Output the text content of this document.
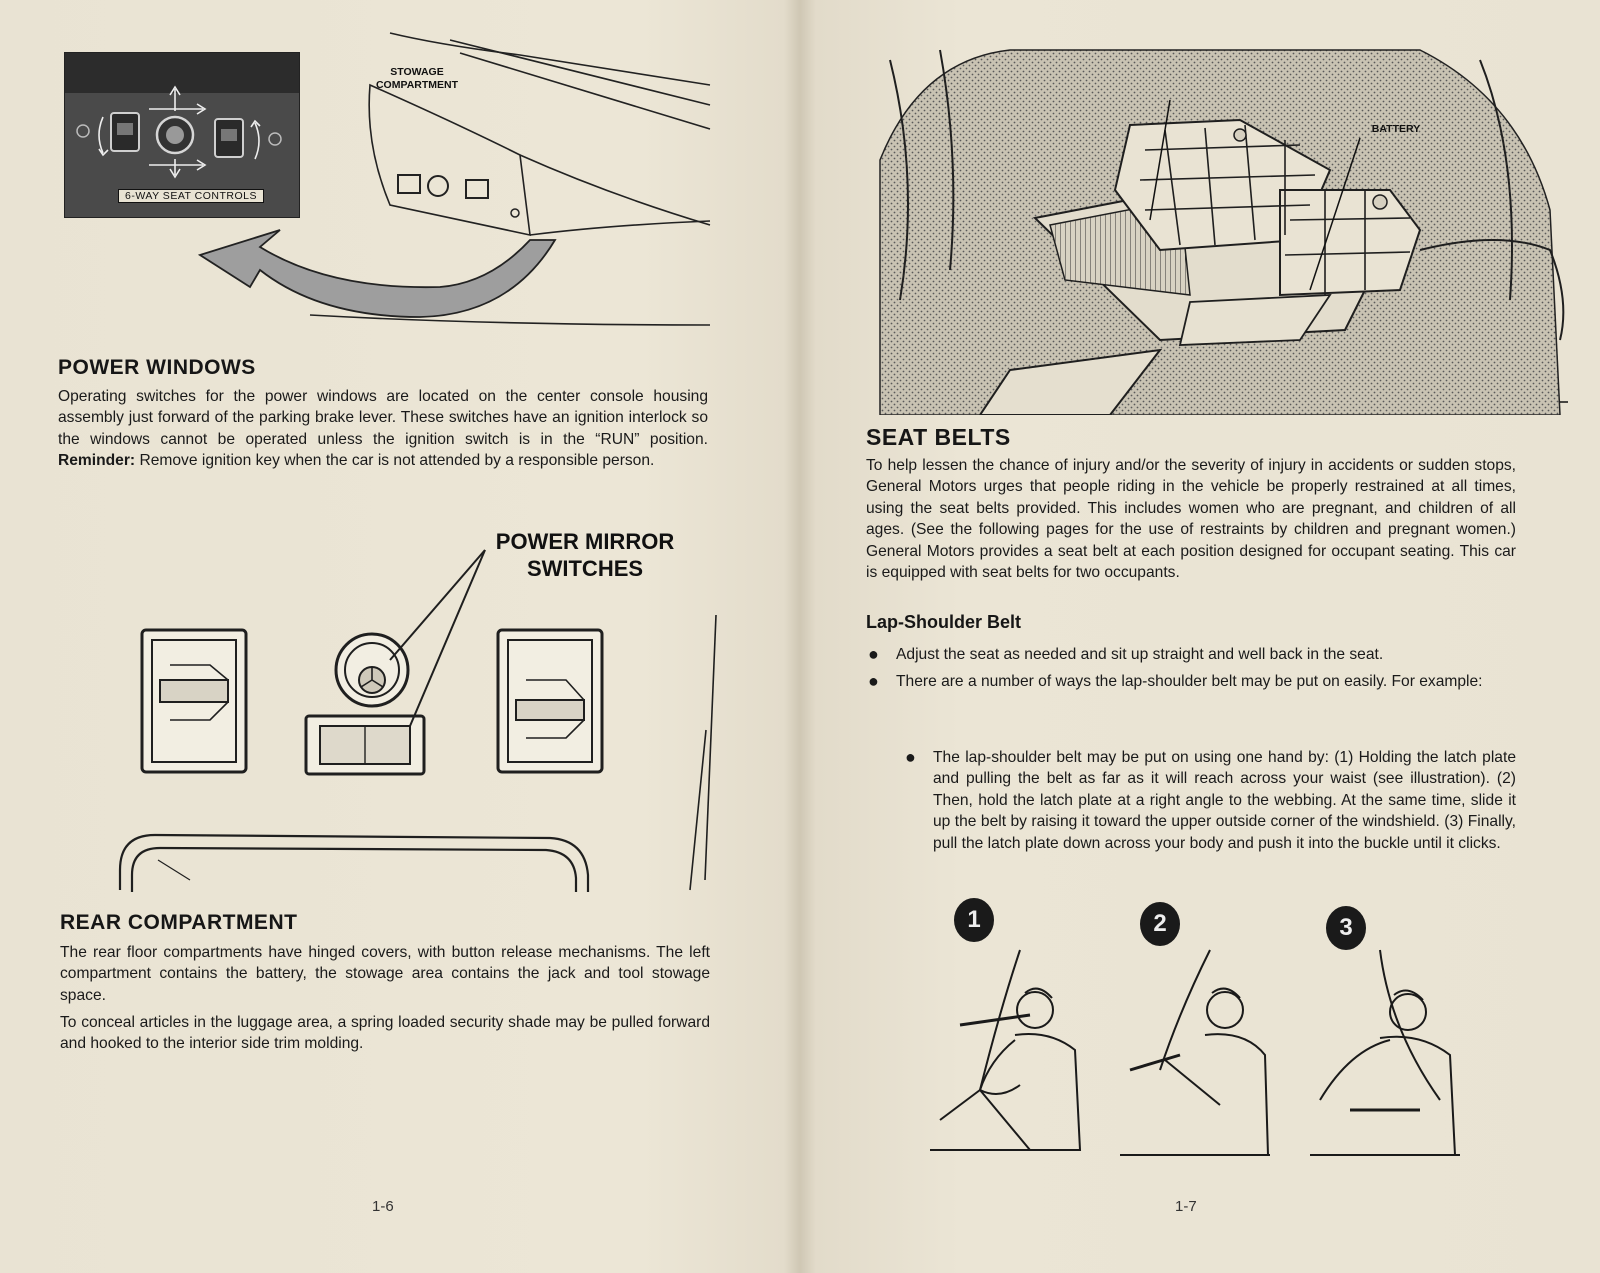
6-WAY SEAT CONTROLS
POWER WINDOWS

Operating switches for the power windows are located on the center console housing assembly just forward of the parking brake lever. These switches have an ignition interlock so the windows cannot be operated unless the ignition switch is in the “RUN” position. Reminder: Remove ignition key when the car is not attended by a responsible person.

POWER MIRROR
SWITCHES
REAR COMPARTMENT

The rear floor compartments have hinged covers, with button release mechanisms. The left compartment contains the battery, the stowage area contains the jack and tool stowage space.

To conceal articles in the luggage area, a spring loaded security shade may be pulled forward and hooked to the interior side trim molding.

1-6
STOWAGE
COMPARTMENT
BATTERY
SEAT BELTS

To help lessen the chance of injury and/or the severity of injury in accidents or sudden stops, General Motors urges that people riding in the vehicle be properly restrained at all times, using the seat belts provided. This includes women who are pregnant, and children of all ages. (See the following pages for the use of restraints by children and pregnant women.) General Motors provides a seat belt at each position designed for occupant seating. This car is equipped with seat belts for two occupants.

Lap-Shoulder Belt
● Adjust the seat as needed and sit up straight and well back in the seat.
● There are a number of ways the lap-shoulder belt may be put on easily. For example:
● The lap-shoulder belt may be put on using one hand by: (1) Holding the latch plate and pulling the belt as far as it will reach across your waist (see illustration). (2) Then, hold the latch plate at a right angle to the webbing. At the same time, slide it up the belt by raising it toward the upper outside corner of the windshield. (3) Finally, pull the latch plate down across your body and push it into the buckle until it clicks.
1	2	3
1-7
